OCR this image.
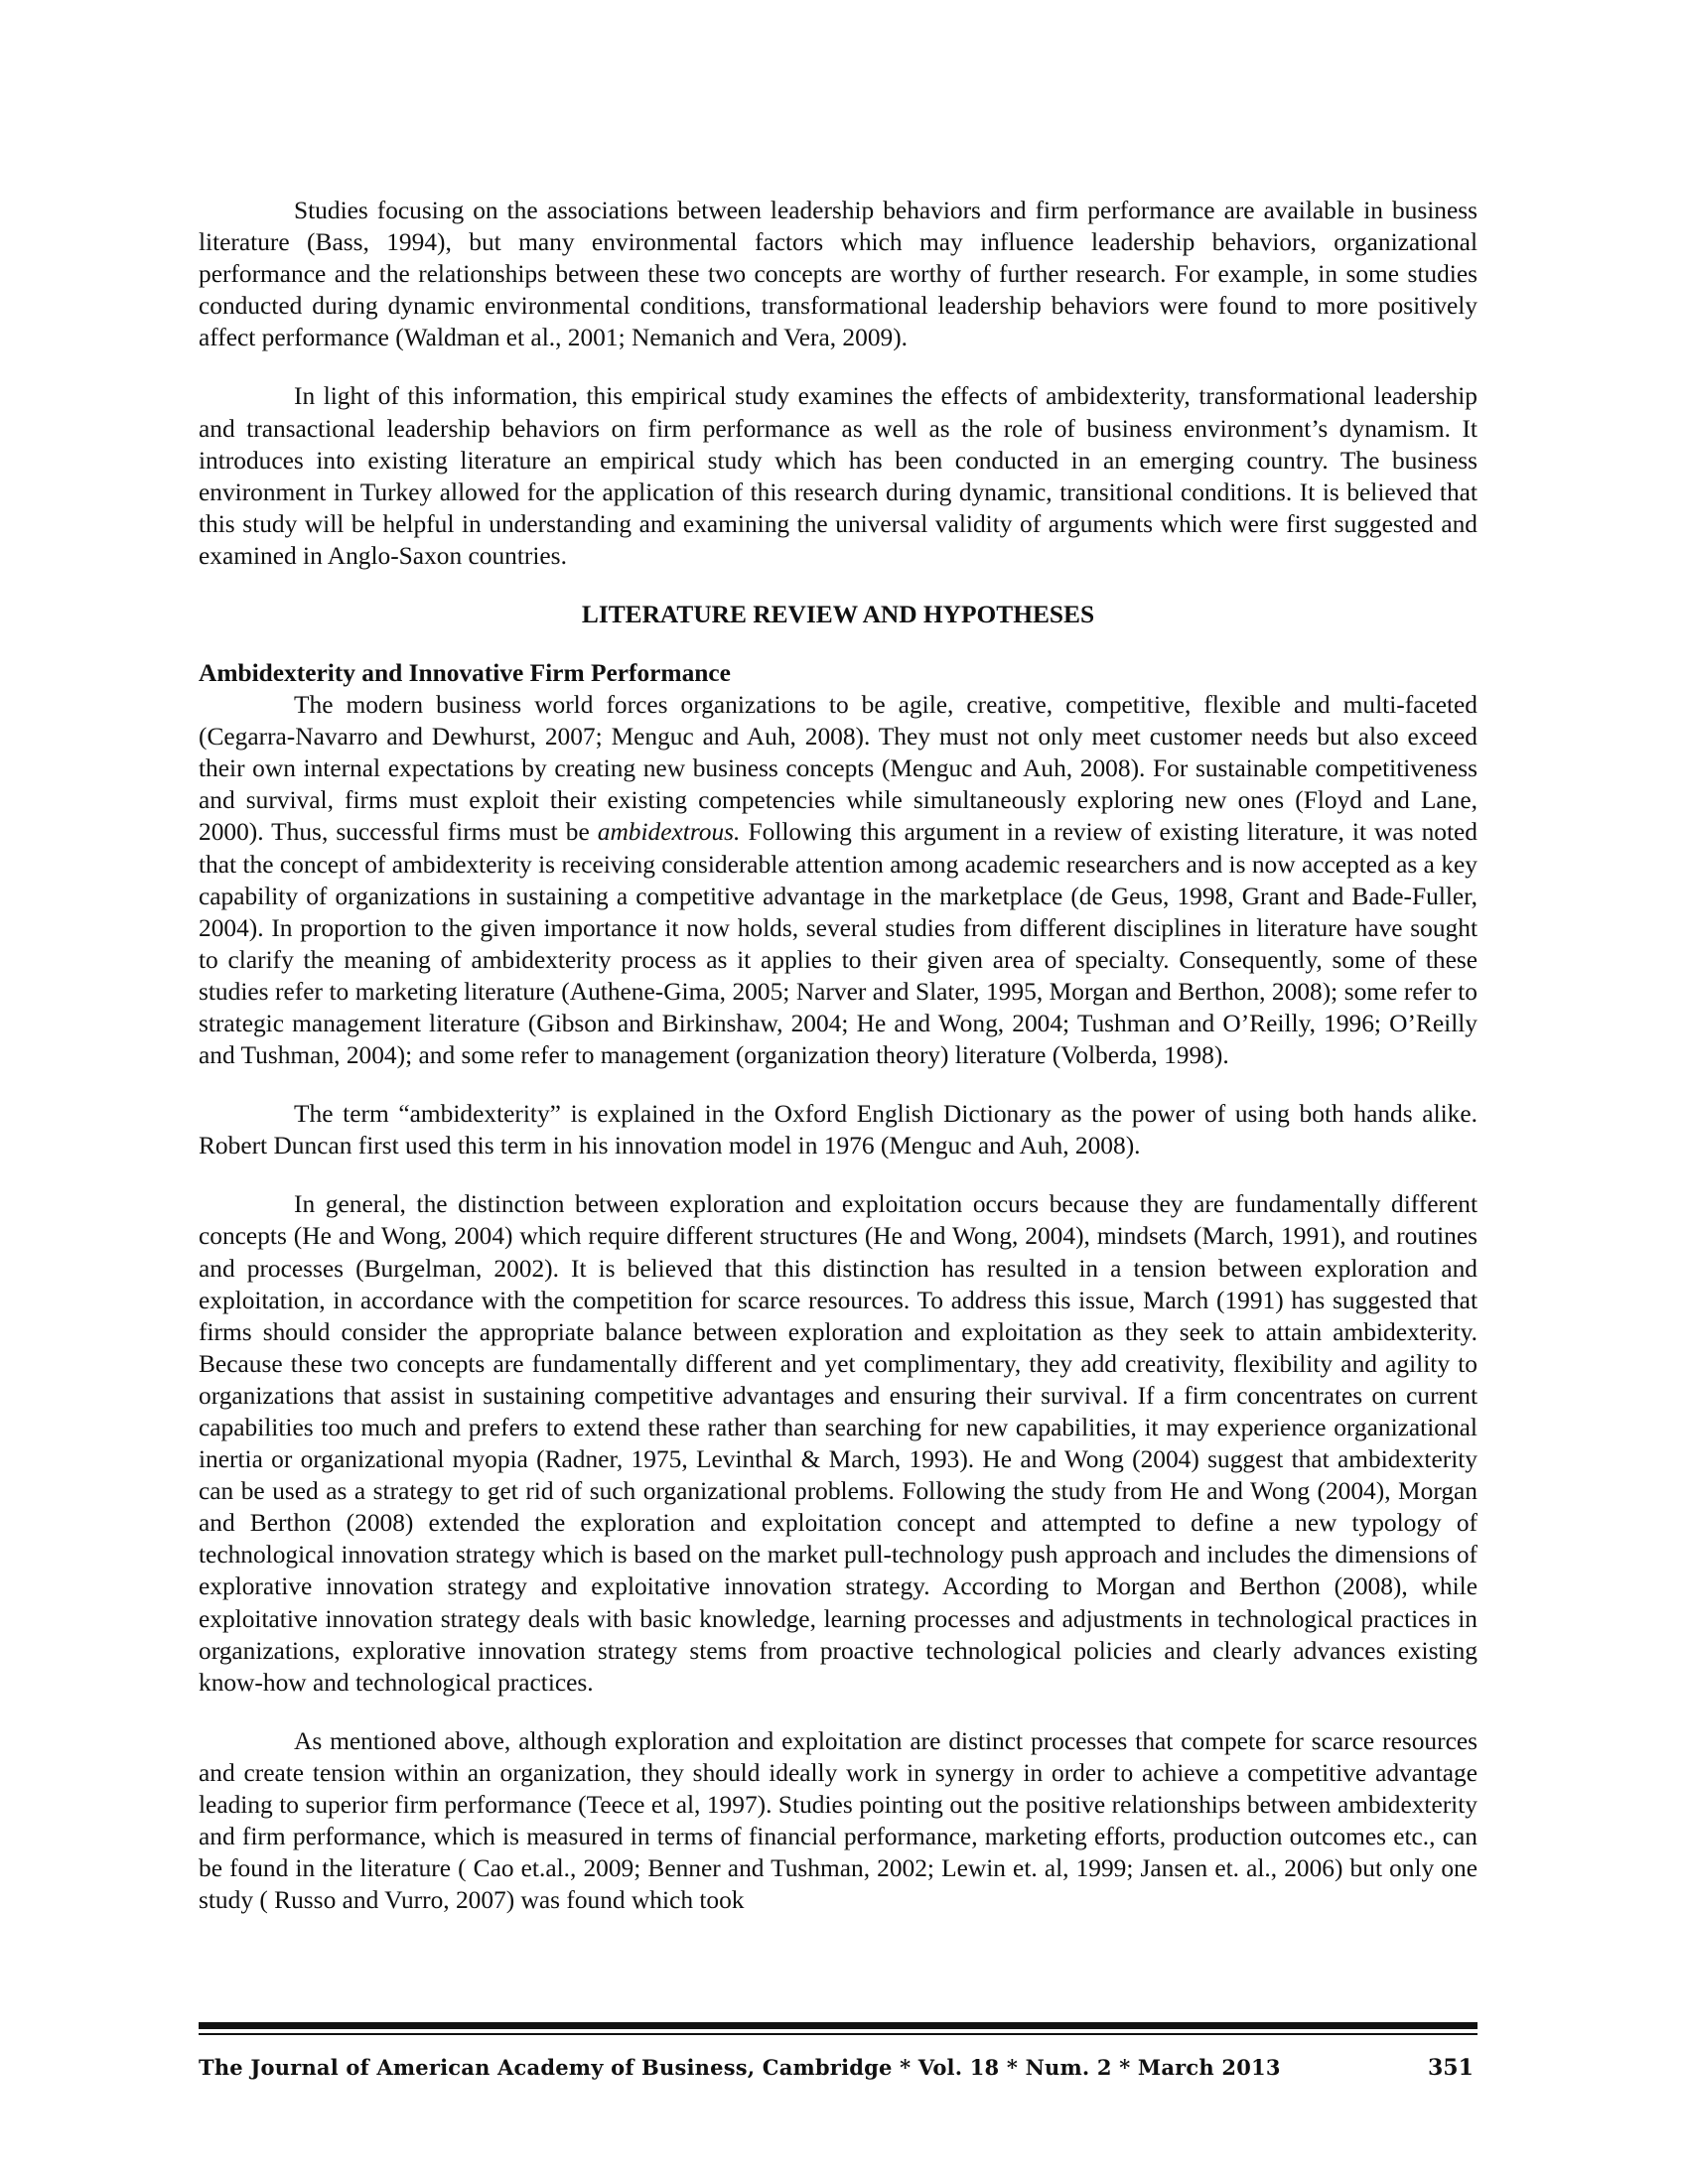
Studies focusing on the associations between leadership behaviors and firm performance are available in business literature (Bass, 1994), but many environmental factors which may influence leadership behaviors, organizational performance and the relationships between these two concepts are worthy of further research. For example, in some studies conducted during dynamic environmental conditions, transformational leadership behaviors were found to more positively affect performance (Waldman et al., 2001; Nemanich and Vera, 2009).

In light of this information, this empirical study examines the effects of ambidexterity, transformational leadership and transactional leadership behaviors on firm performance as well as the role of business environment’s dynamism. It introduces into existing literature an empirical study which has been conducted in an emerging country. The business environment in Turkey allowed for the application of this research during dynamic, transitional conditions. It is believed that this study will be helpful in understanding and examining the universal validity of arguments which were first suggested and examined in Anglo-Saxon countries.

LITERATURE REVIEW AND HYPOTHESES
Ambidexterity and Innovative Firm Performance

The modern business world forces organizations to be agile, creative, competitive, flexible and multi-faceted (Cegarra-Navarro and Dewhurst, 2007; Menguc and Auh, 2008). They must not only meet customer needs but also exceed their own internal expectations by creating new business concepts (Menguc and Auh, 2008). For sustainable competitiveness and survival, firms must exploit their existing competencies while simultaneously exploring new ones (Floyd and Lane, 2000). Thus, successful firms must be ambidextrous. Following this argument in a review of existing literature, it was noted that the concept of ambidexterity is receiving considerable attention among academic researchers and is now accepted as a key capability of organizations in sustaining a competitive advantage in the marketplace (de Geus, 1998, Grant and Bade-Fuller, 2004). In proportion to the given importance it now holds, several studies from different disciplines in literature have sought to clarify the meaning of ambidexterity process as it applies to their given area of specialty. Consequently, some of these studies refer to marketing literature (Authene-Gima, 2005; Narver and Slater, 1995, Morgan and Berthon, 2008); some refer to strategic management literature (Gibson and Birkinshaw, 2004; He and Wong, 2004; Tushman and O’Reilly, 1996; O’Reilly and Tushman, 2004); and some refer to management (organization theory) literature (Volberda, 1998).

The term “ambidexterity” is explained in the Oxford English Dictionary as the power of using both hands alike. Robert Duncan first used this term in his innovation model in 1976 (Menguc and Auh, 2008).

In general, the distinction between exploration and exploitation occurs because they are fundamentally different concepts (He and Wong, 2004) which require different structures (He and Wong, 2004), mindsets (March, 1991), and routines and processes (Burgelman, 2002). It is believed that this distinction has resulted in a tension between exploration and exploitation, in accordance with the competition for scarce resources. To address this issue, March (1991) has suggested that firms should consider the appropriate balance between exploration and exploitation as they seek to attain ambidexterity. Because these two concepts are fundamentally different and yet complimentary, they add creativity, flexibility and agility to organizations that assist in sustaining competitive advantages and ensuring their survival. If a firm concentrates on current capabilities too much and prefers to extend these rather than searching for new capabilities, it may experience organizational inertia or organizational myopia (Radner, 1975, Levinthal & March, 1993). He and Wong (2004) suggest that ambidexterity can be used as a strategy to get rid of such organizational problems. Following the study from He and Wong (2004), Morgan and Berthon (2008) extended the exploration and exploitation concept and attempted to define a new typology of technological innovation strategy which is based on the market pull-technology push approach and includes the dimensions of explorative innovation strategy and exploitative innovation strategy. According to Morgan and Berthon (2008), while exploitative innovation strategy deals with basic knowledge, learning processes and adjustments in technological practices in organizations, explorative innovation strategy stems from proactive technological policies and clearly advances existing know-how and technological practices.

As mentioned above, although exploration and exploitation are distinct processes that compete for scarce resources and create tension within an organization, they should ideally work in synergy in order to achieve a competitive advantage leading to superior firm performance (Teece et al, 1997). Studies pointing out the positive relationships between ambidexterity and firm performance, which is measured in terms of financial performance, marketing efforts, production outcomes etc., can be found in the literature ( Cao et.al., 2009; Benner and Tushman, 2002; Lewin et. al, 1999; Jansen et. al., 2006) but only one study ( Russo and Vurro, 2007) was found which took

The Journal of American Academy of Business, Cambridge * Vol. 18 * Num. 2 * March 2013	351
